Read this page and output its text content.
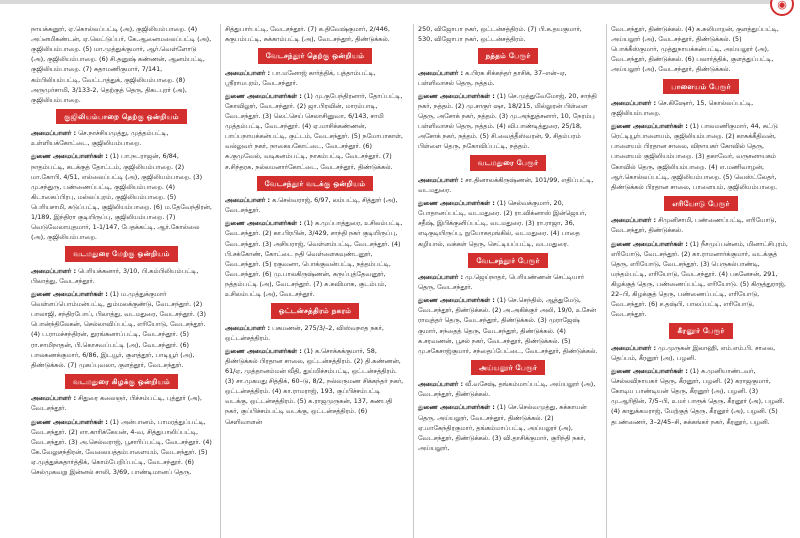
◉

நாயக்கனூர், ஏ.கொல்லப்பட்டி (அ), குஜிலியம்பாறை. (4) அப்னமிகண்டன், ஏ.லெட்டுப்பர், கே.ஆனைமலைப்பட்டி (அ), குஜிலியம்பாறை. (5) மா.முத்துக்குமார், ஆர்.வெள்ளோடு (அ), குஜிலியம்பாறை. (6) சி.தனுஷ் கண்ணன், ஆனம்பட்டி, குஜிலியம்பாறை. (7) சுதாமணிகுமார், 7/141, கம்பிலியம்பட்டி, வேட்டாத்துக், குஜிலியம்பாறை. (8) அருமுர்சாமி, 3/133-2, தெற்குத் தெரு, திகடபுரர் (அ), குஜிலியம்பாறை.

குஜிலியம்பாறை தெற்கு ஒன்றியம்

அமைப்பாளர் : செ.நாச்சியமுத்து, முத்தம்பட்டி, உள்ளியக்கோட்டை, குஜிலியம்பாறை.

துணை அமைப்பாளர்கள் : (1) பா.நடராஜன், 6/84, நாதம்பட்டி, கடக்குத் தோட்டம், குஜிலியம்பாறை. (2) மா.கோபி, 4/51, எல்லைப்பட்டி (அ), குஜிலியம்பாறை. (3) மு.சந்துரு, பண்ணைப்பட்டி, குஜிலியம்பாறை. (4) கிடாகைப்பிரபு, மல்லப்புரம், குஜிலியம்பாறை. (5) பெரியசாமி, கடுப்பட்டி, குஜிலியம்பாறை. (6) ம.தேவேந்திரன், 1/189, இந்திரா குடியிருப்பு, குஜிலியம்பாறை. (7) வெடுவேலாயுதமார், 1-1/147, பேதக்கட்டி, ஆர்.கோல்லை (அ), குஜிலியம்பாறை.

வடமதுரை மேற்கு ஒன்றியம்

அமைப்பாளர் : பெரியக்கனார், 3/10, பி.கம்பிலியம்பட்டி, பிலாத்து, வேடசந்தூர்.

துணை அமைப்பாளர்கள் : (1) ம.முத்துக்குமார் வெள்ளப்பொம்மன்பட்டி, தும்மலக்குண்டு, வேடசந்தூர். (2) பாலாஜி, சந்திரபோப், பிலாத்து, வடமதுரை, வேடசந்தூர். (3) பொன்ந்திலேகன், செல்லாவிப்பட்டி, எரியோடு, வேடசந்தூர். (4) ப.ராமச்சந்திரன், துரங்கனாப்பட்டி, வேடசந்தூர். (5) ரா.சாமிநாதன், பி.கொசவப்பட்டி (அ), வேடசந்தூர். (6) பாலகணக்குமார், 6/86, இடயூர், குளத்தூர், பாடியூர் (அ), திண்டுக்கல். (7) முகப்புவலா, குளத்தூர், வேடசந்தூர்.

வடமதுரை கிழக்கு ஒன்றியம்

அமைப்பாளர் : சிதுரை கலைஞர், பிச்சம்பட்டி, புத்தூர் (அ), வேடசந்தூர்.

துணை அமைப்பாளர்கள் : (1) அன்பானம், பாமரத்துப்பட்டி, வேடசந்தூர். (2) எா.காரிக்கேயன், 4-வ, சித்துபாலிப்பட்டி, வேடசந்தூர். (3) அ.செல்வராஜ், பூசாரிப்பட்டி, வேடசந்தூர். (4) கே.வேலுசந்திரன், வேலையத்தம்பாளையம், வேடசந்தூர். (5) ஏ.முத்துக்கதார்த்திக், கொம்பேறிப்பட்டி, வேடசந்தூர். (6) செல்முகவறு இன்னல் சாலி, 3/69, பாண்டிமானப் தெரு,

சித்துபார்பட்டி, வேடசந்தூர். (7) க.திவேஷ்குமார், 2/446, சுகுபம்பட்டி, சுக்காம்பட்டி (அ), வேடசந்தூர், திண்டுக்கல்.

வேடசந்தூர் தெற்கு ஒன்றியம்

அமைப்பாளர் : பா.மனோஜ் கார்த்திக், புத்தாம்பட்டி, ஸ்ரீராமபுரம், வேடசந்தூர்.

துணை அமைப்பாளர்கள் : (1) மு.குபேந்திரனார், தோப்பட்டி, கோவிலூர், வேடசந்தூர். (2) ஜா.பிரவின், மாரம்பாடி, வேடசந்தூர். (3) லெட்செய் செலாசினுவா, 6/143, சாமி முத்தம்பட்டி, வேடசந்தூர். (4) ஏ.மாசிக்கண்ணன், பாப்பநாயக்கன்பட்டி, குட்டம், வேடசந்தூர். (5) நமோபாகாள், வல்லுவர் நகர், நாகையகோட்டை, வேடசந்தூர். (6) சு.குமுவேல், வடிகனம்பட்டி, நாகம்பட்டி, வேடசந்தூர். (7) ச.சிந்தரசு, நல்லமனார்கோட்டை, வேடசந்தூர், திண்டுக்கல்.

வேடசந்தூர் வடக்கு ஒன்றியம்

அமைப்பாளர் : க.செல்வராஜ், 6/97, லம்பட்டி, சித்தூர் (அ), வேடசந்தூர்.

துணை அமைப்பாளர்கள் : (1) சு.முப்பாத்துரை, உசிலம்பட்டி, வேடசந்தூர். (2) கா.பிரபின், 3/429, சாந்தி நகர் குடியிருப்பு, வேடசந்தூர். (3) அசியராஜ், வெள்ளம்பட்டி, வேடசந்தூர். (4) பி.சக்கோண், கோட்டை நதி வெள்ளைகவுண்டனூர், வேடசந்தூர். (5) ரகுவனா, பொக்குவன்பட்டி, நத்தம்பட்டி, வேடசந்தூர். (6) மு.பாலகிருஷ்ணன், கருப்புத்தேவனூர், நத்தம்பட்டி (அ), வேடசந்தூர். (7) சு.சுவிமாசு, குடம்பம், உசிலம்பட்டி (அ), வேடசந்தூர்.

ஒட்டன்சத்திரம் நகரம்

அமைப்பாளர் : பசுமணன், 275/3/–2, விஸ்வநாத நகர், ஒட்டன்சத்திரம்.

துணை அமைப்பாளர்கள் : (1) க.சொக்கக்குமார், 58, திண்டுக்கல் பிரதான சாலை, ஒட்டன்சத்திரம். (2) தி.கண்ணன், 61/ஏ, முத்தானம்மன் வீதி, துய்மிச்சம்பட்டி, ஒட்டன்சத்திரம். (3) சா.முகமது சித்திக், 60–டு, 8/2, நல்லருமண சிக்கந்தர் நகர், ஒட்டன்சத்திரம். (4) கா.ராமராஜ், 193, குப்பிச்சம்பட்டி வடக்கு, ஒட்டன்சத்திரம். (5) க.ராஜமுருகன், 137, கணபதி நகர், குப்பிச்சம்பட்டி வடக்கு, ஒட்டன்சத்திரம். (6) செளிவாளன்

250, விஜோபா நகர், ஒட்டன்சத்திரம். (7) பி.க.தயகுமார், 530, விஜோபா நகர், ஒட்டன்சத்திரம்.

நத்தம் பேரூர்

அமைப்பாளர் : க.பிரசு சிக்கந்தர் தாசிக், 37–என்–ஏ, பள்ளிவாசல் தெரு, நத்தம்.

துணை அமைப்பாளர்கள் : (1) செ.முத்துவேமோஜ், 20, சாந்தி நகர், நத்தம். (2) மு.சாகுர் ஷா, 18/215, மில்லுரன் பிள்ளை தெரு, அசோக் நகர், நத்தம். (3) மு.அந்துத்சனார், 10, நேரம்பு பள்ளிவாசல் தெரு, நத்தம். (4) வி.பாண்டித்துரை, 25/18, அசோக் நகர், நத்தம். (5) சி.வைத்தீஸ்வரன், 9, சிதம்பரம் பிள்ளை தெரு, நகோவிப்பட்டி, நத்தம்.

வடமதுரை பேரூர்

அமைப்பாளர் : சா.தினாலக்கிருஷ்ணன், 101/99, எதிப்பட்டி, வடமதுரை.

துணை அமைப்பாளர்கள் : (1) செல்வக்குமார், 20, போதானப்பட்டி, வடமதுரை. (2) ரா.விக்னாஸ் இன்ஜெயர், சதீஷ், இபிக்குனிப்பட்டி, வடமதுரை. (3) ரா.ராஜா, 36, எடிகுடியிருப்பு, நுயோகமூங்கில், வடமதுரை. (4) பாதை கழியால், வக்கள் தெரு, செட்டியப்பட்டி, வடமதுரை.

வேடசந்தூர் பேரூர்

அமைப்பாளர் : மு.ஜெய்நாதர், பெரியண்ணன் செட்டியார் தெரு, வேடசந்தூர்.

துணை அமைப்பாளர்கள் : (1) செ.செந்தில், ஆத்துமேடு, வேடசந்தூர், திண்டுக்கல். (2) அ.அகிக்குர் அலி, 19/0, உசேன் ராவுத்தர் தெரு, வேடசந்தூர், திண்டுக்கல். (3) முராஜேஷ் குமார், சந்தைத் தெரு, வேடசந்தூர், திண்டுக்கல். (4) க.சரவணன், பூசல் நகர், வேடசந்தூர், திண்டுக்கல். (5) மு.சகேசாஜ்குமார், சந்தைப்பேட்டை, வேடசந்தூர், திண்டுக்கல்.

அய்யலூர் பேரூர்

அமைப்பாளர் : வீ.வசேஷ், தங்கம்மாப்பட்டி, அய்யலூர் (அ), வேடசந்தூர், திண்டுக்கல்.

துணை அமைப்பாளர்கள் : (1) செ.செல்வமுத்து, சுக்காயன் தெரு, அய்யலூர், வேடசந்தூர், திண்டுக்கல். (2) ஏ.மாகேந்திரகுமார், தங்கம்மாப்பட்டி, அய்யலூர் (அ), வேடசந்தூர், திண்டுக்கல். (3) வி.தாசிக்குமார், குரிந்தி நகர், அய்யலூர்,

வேடசந்தூர், திண்டுக்கல். (4) க.சுலிமாறன், குளத்துப்பட்டி, அய்யலூர் (அ), வேடசந்தூர், திண்டுக்கல். (5) பொக்கீஸ்குமார், முத்துநாயக்கன்பட்டி, அய்யலூர் (அ), வேடசந்தூர், திண்டுக்கல். (6) பலார்த்திக், குளத்துப்பட்டி, அய்யலூர் (அ), வேடசந்தூர், திண்டுக்கல்.

பாளையம் பேரூர்

அமைப்பாளர் : செ.கிஷோர், 15, கொல்லப்பட்டி, குஜிலியம்பாறை.

துணை அமைப்பாளர்கள் : (1) பாலமணிகுமார், 44, சுட்டு ரெட்டியூர்பாளையம், குஜிலியம்பாறை. (2) காசுக்கீதிவன், பாளையம் பிரதான சாலை, விநாயகர் கோவில் தெரு, பாளையம் குஜிலியம்பாறை. (3) தகாவேர், வருசனாயகம் கோவில் தெரு, குஜிலியம்பாறை. (4) எ.மணிவாழன், ஆர்.கொல்லப்பட்டி, குஜிலியம்பாறை. (5) வெஸ்ட்லேதர், திண்டுக்கல் பிரதான சாலை, பாளையம், குஜிலியம்பாறை.

எரியோடு பேரூர்

அமைப்பாளர் : சிமுனிசாமி, பண்ணைப்பட்டி, எரியோடு, வேடசந்தூர், திண்டுக்கல்.

துணை அமைப்பாளர்கள் : (1) நீசமுப்பன்னம், மினாட்சிபுரம், எரியோடு, வேடசந்தூர். (2) கா.ராமனார்க்குமார், வடக்குத் தெரு, எரியோடு, வேடசந்தூர். (3) பெருகல்பாண்டி, மந்தம்பட்டி, எரியோடு, வேடசந்தூர். (4) பகனேசன், 291, கிழக்குத் தெரு, பண்ணைப்பட்டி, எரியோடு. (5) கிருத்துராஜ், 22–பி, கிழக்குத் தெரு, பண்ணைப்பட்டி, எரியோடு, வேடசந்தூர். (6) ச.தஷ்பி, பாலப்பட்டி, எரியோடு, வேடசந்தூர்.

கீரனூர் பேரூர்

அமைப்பாளர் : மு.முருகன் இலாஹி, எம்.எம்.பி. சாலை, தெப்பம், கீரனூர் (அ), பழனி.

துணை அமைப்பாளர்கள் : (1) சு.முனியாண்டவர், செல்லவிநாயகர் தெரு, கீரனூர், பழனி. (2) கராஜகுமார், கோடிய பாண்டியன் தெரு, கீரனூர் (அ), பழனி. (3) மு.ஆரிதின், 7/5–பி, உமர் பாரூக் தெரு, கீரனூர் (அ), பழனி. (4) காதுக்கமராஜ், மேற்குத் தெரு, கீரனூர் (அ), பழனி. (5) தபண்ணைர், 3–2/45–சி, சுக்கங்கர் நகர், கீரனூர், பழனி.
